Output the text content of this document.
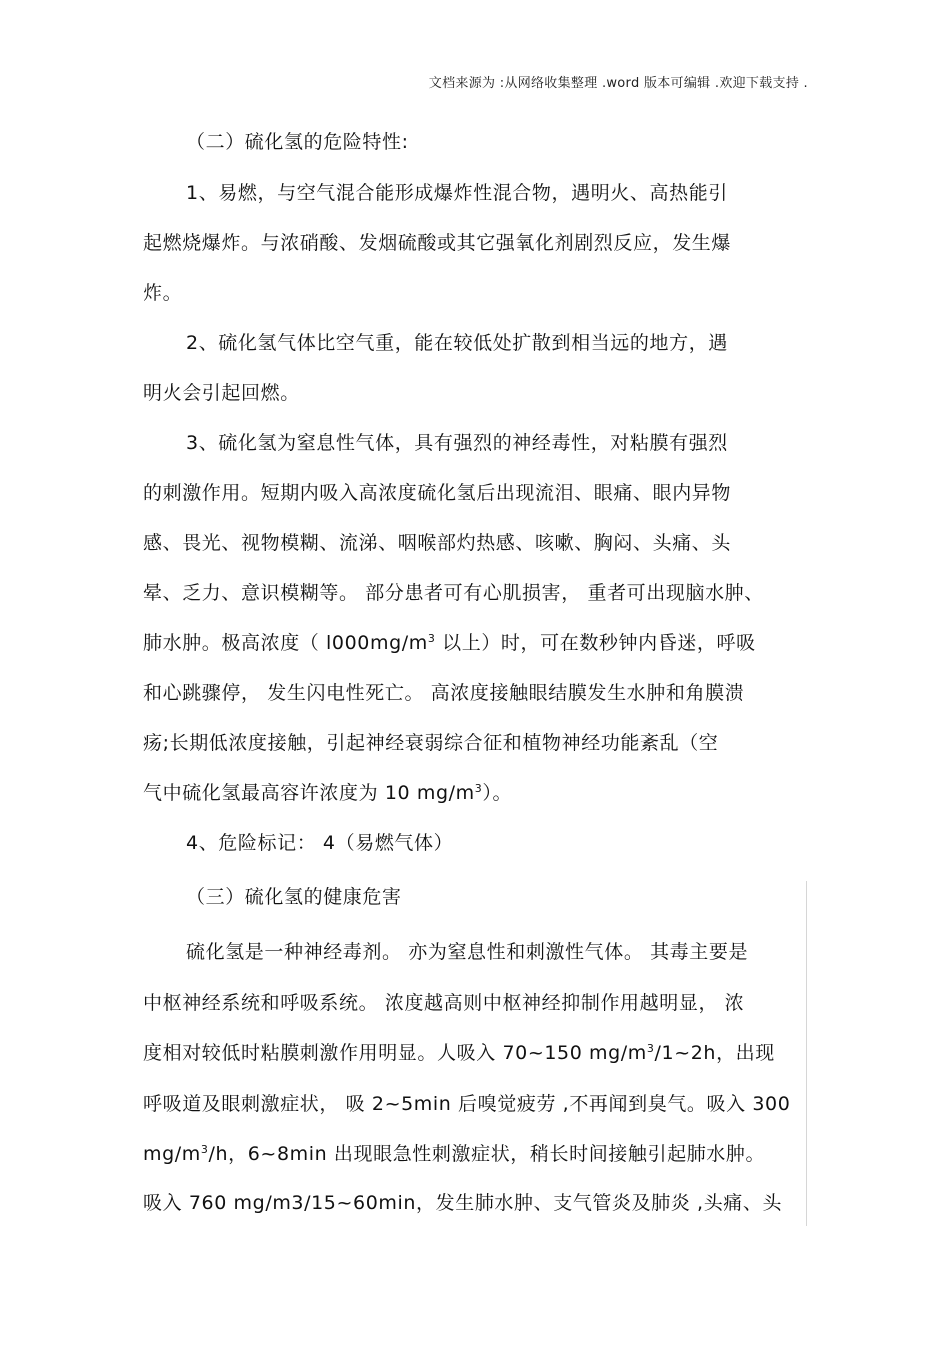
文档来源为 :从网络收集整理 .word 版本可编辑 .欢迎下载支持 .
（二）硫化氢的危险特性:
1、易燃，与空气混合能形成爆炸性混合物，遇明火、高热能引
起燃烧爆炸。与浓硝酸、发烟硫酸或其它强氧化剂剧烈反应，发生爆
炸。
2、硫化氢气体比空气重，能在较低处扩散到相当远的地方，遇
明火会引起回燃。
3、硫化氢为窒息性气体，具有强烈的神经毒性，对粘膜有强烈
的刺激作用。短期内吸入高浓度硫化氢后出现流泪、眼痛、眼内异物
感、畏光、视物模糊、流涕、咽喉部灼热感、咳嗽、胸闷、头痛、头
晕、乏力、意识模糊等。 部分患者可有心肌损害， 重者可出现脑水肿、
肺水肿。极高浓度（ $l000mg/m^3$ 以上）时，可在数秒钟内昏迷，呼吸
和心跳骤停， 发生闪电性死亡。 高浓度接触眼结膜发生水肿和角膜溃
疡;长期低浓度接触，引起神经衰弱综合征和植物神经功能紊乱（空
气中硫化氢最高容许浓度为 10 $mg/m^3$）。
4、危险标记： 4（易燃气体）
（三）硫化氢的健康危害
硫化氢是一种神经毒剂。 亦为窒息性和刺激性气体。 其毒主要是
中枢神经系统和呼吸系统。 浓度越高则中枢神经抑制作用越明显， 浓
度相对较低时粘膜刺激作用明显。人吸入 70~150 $mg/m^3/1\sim 2h$，出现
呼吸道及眼刺激症状， 吸 2~5min 后嗅觉疲劳 ,不再闻到臭气。吸入 300
$mg/m^3/h$，6~8min 出现眼急性刺激症状，稍长时间接触引起肺水肿。
吸入 760 mg/m3/15~60min，发生肺水肿、支气管炎及肺炎 ,头痛、头
